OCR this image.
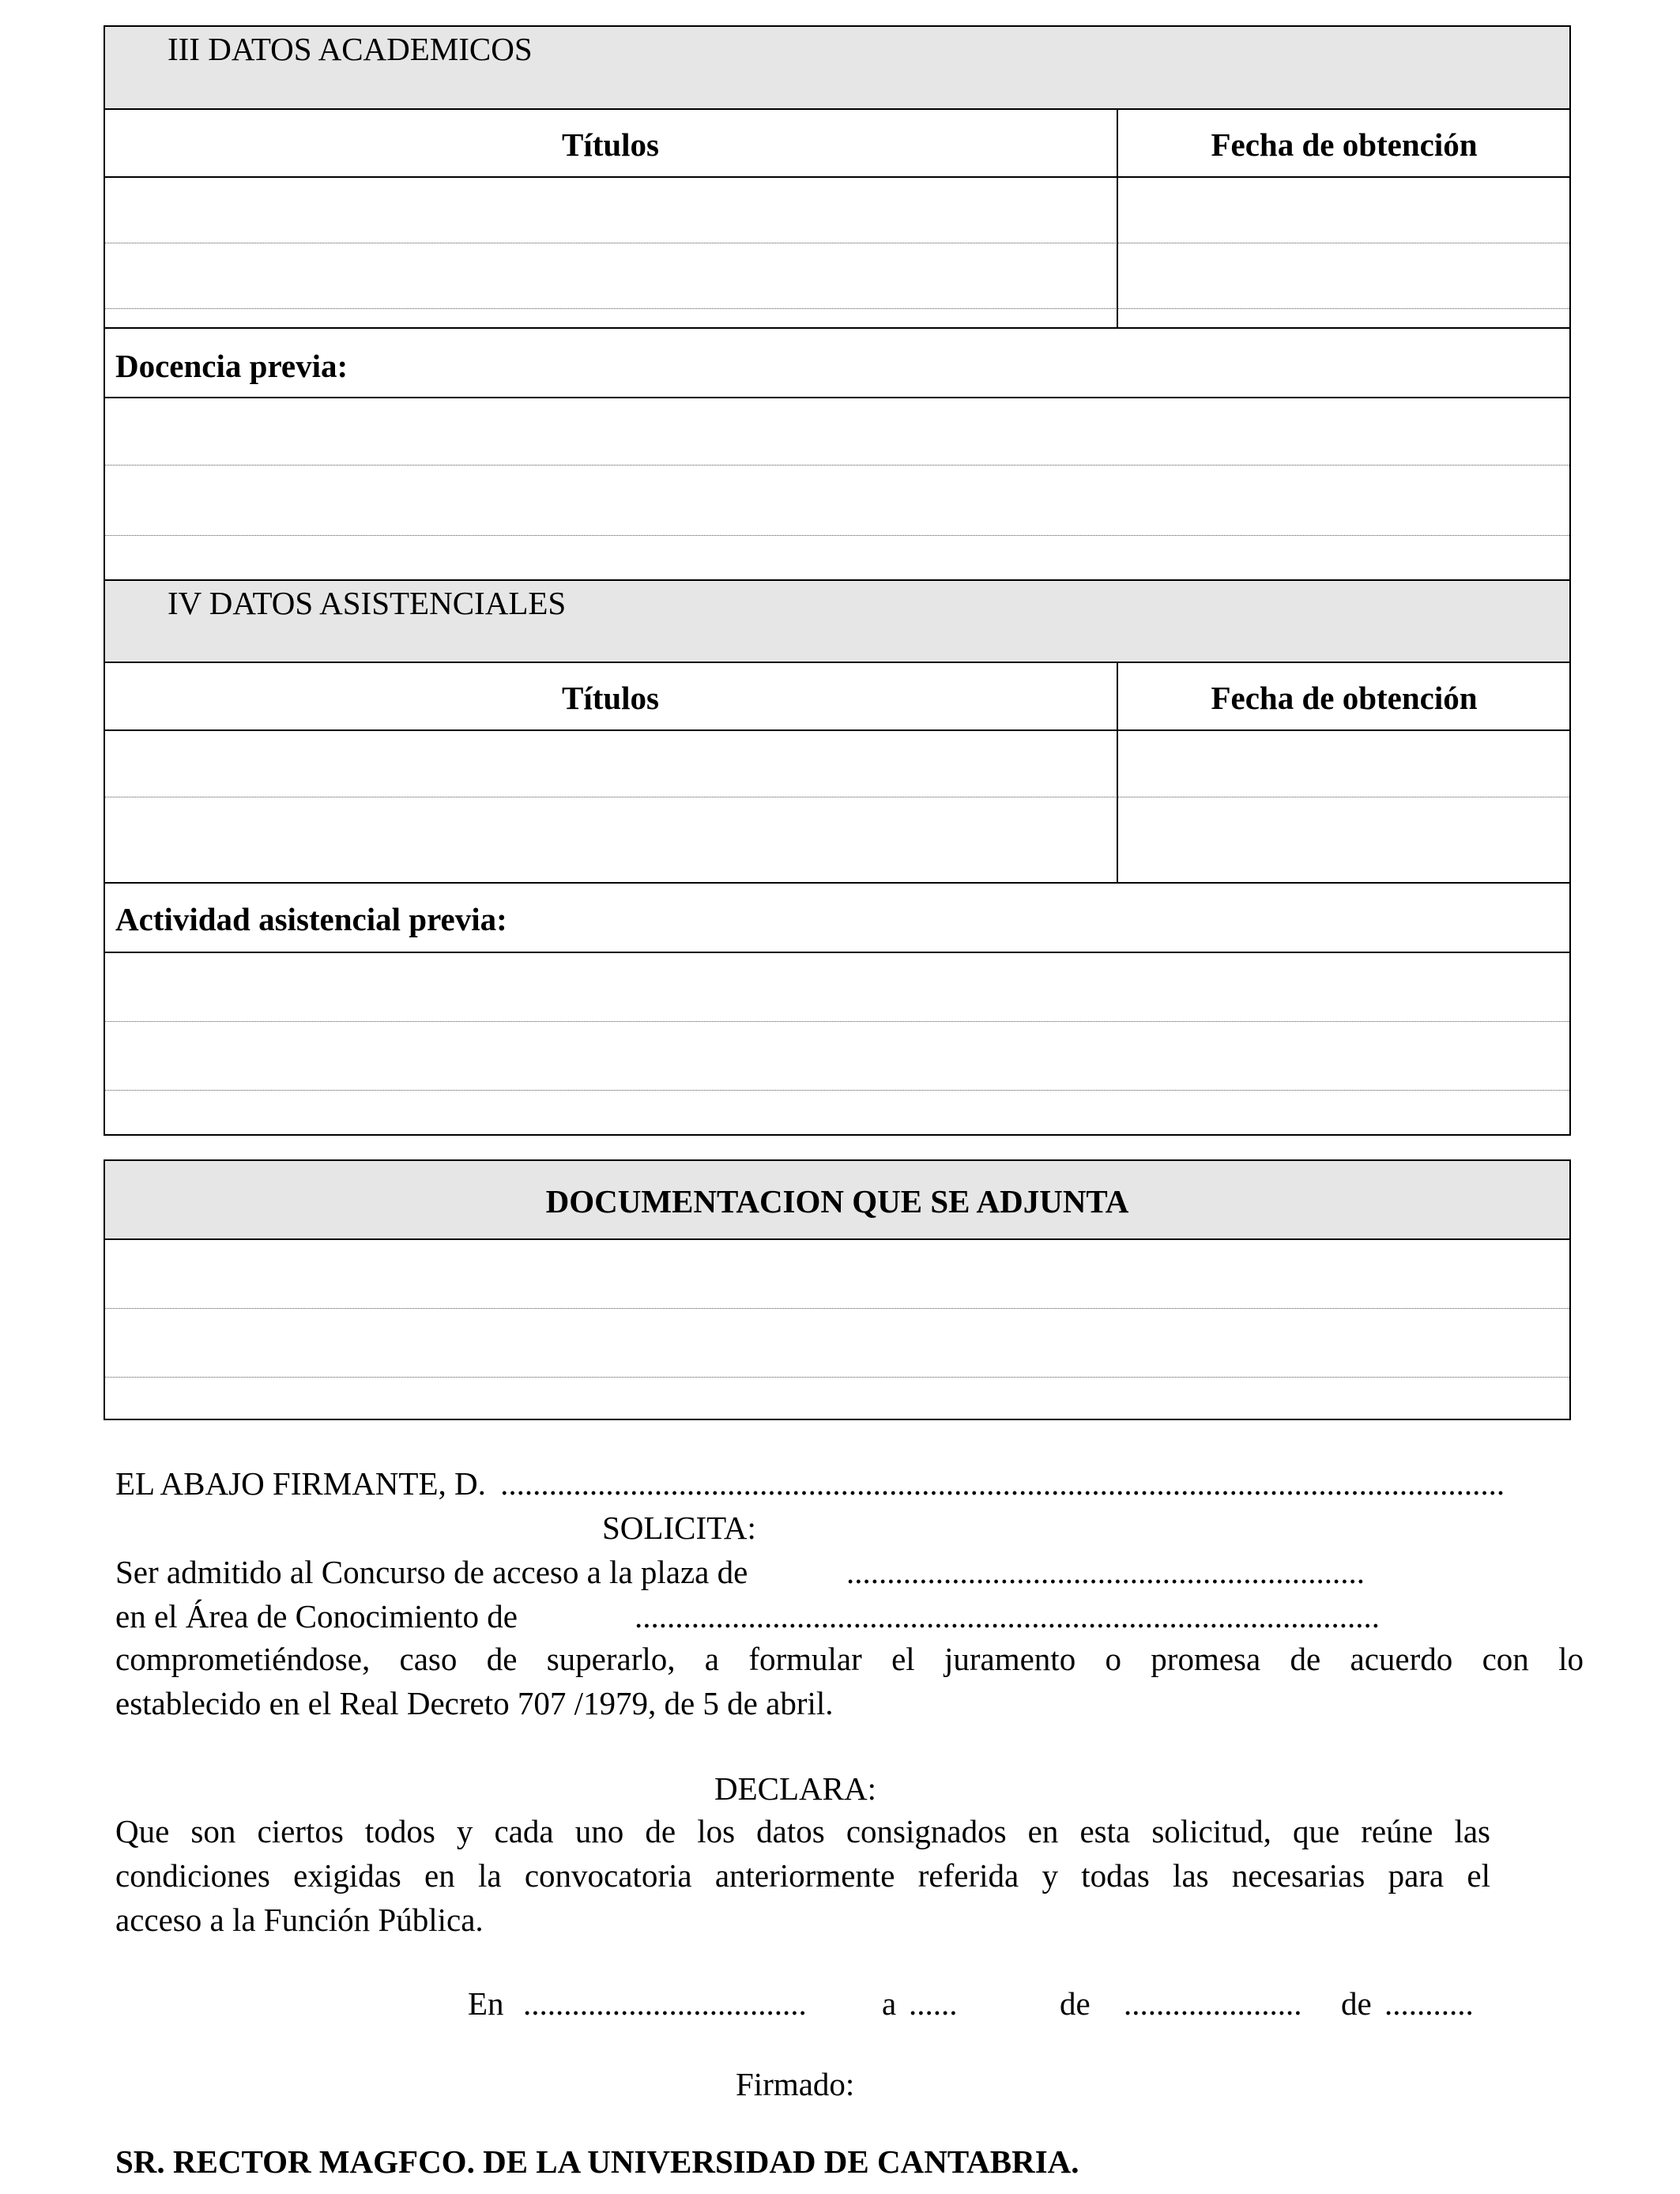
III DATOS ACADEMICOS
Títulos	Fecha de obtención
Docencia previa:
IV DATOS ASISTENCIALES
Títulos	Fecha de obtención
Actividad asistencial previa:
DOCUMENTACION QUE SE ADJUNTA
EL ABAJO FIRMANTE, D. ............................................................................................................................
SOLICITA:
Ser admitido al Concurso de acceso a la plaza de	................................................................
en el Área de Conocimiento de	............................................................................................
comprometiéndose, caso de superarlo, a formular el juramento o promesa de acuerdo con lo
establecido en el Real Decreto 707 /1979, de 5 de abril.
DECLARA:
Que son ciertos todos y cada uno de los datos consignados en esta solicitud, que reúne las
condiciones exigidas en la convocatoria anteriormente referida y todas las necesarias para el
acceso a la Función Pública.
En ................................... a ......	de ...................... de ...........
Firmado:
SR. RECTOR MAGFCO. DE LA UNIVERSIDAD DE CANTABRIA.
